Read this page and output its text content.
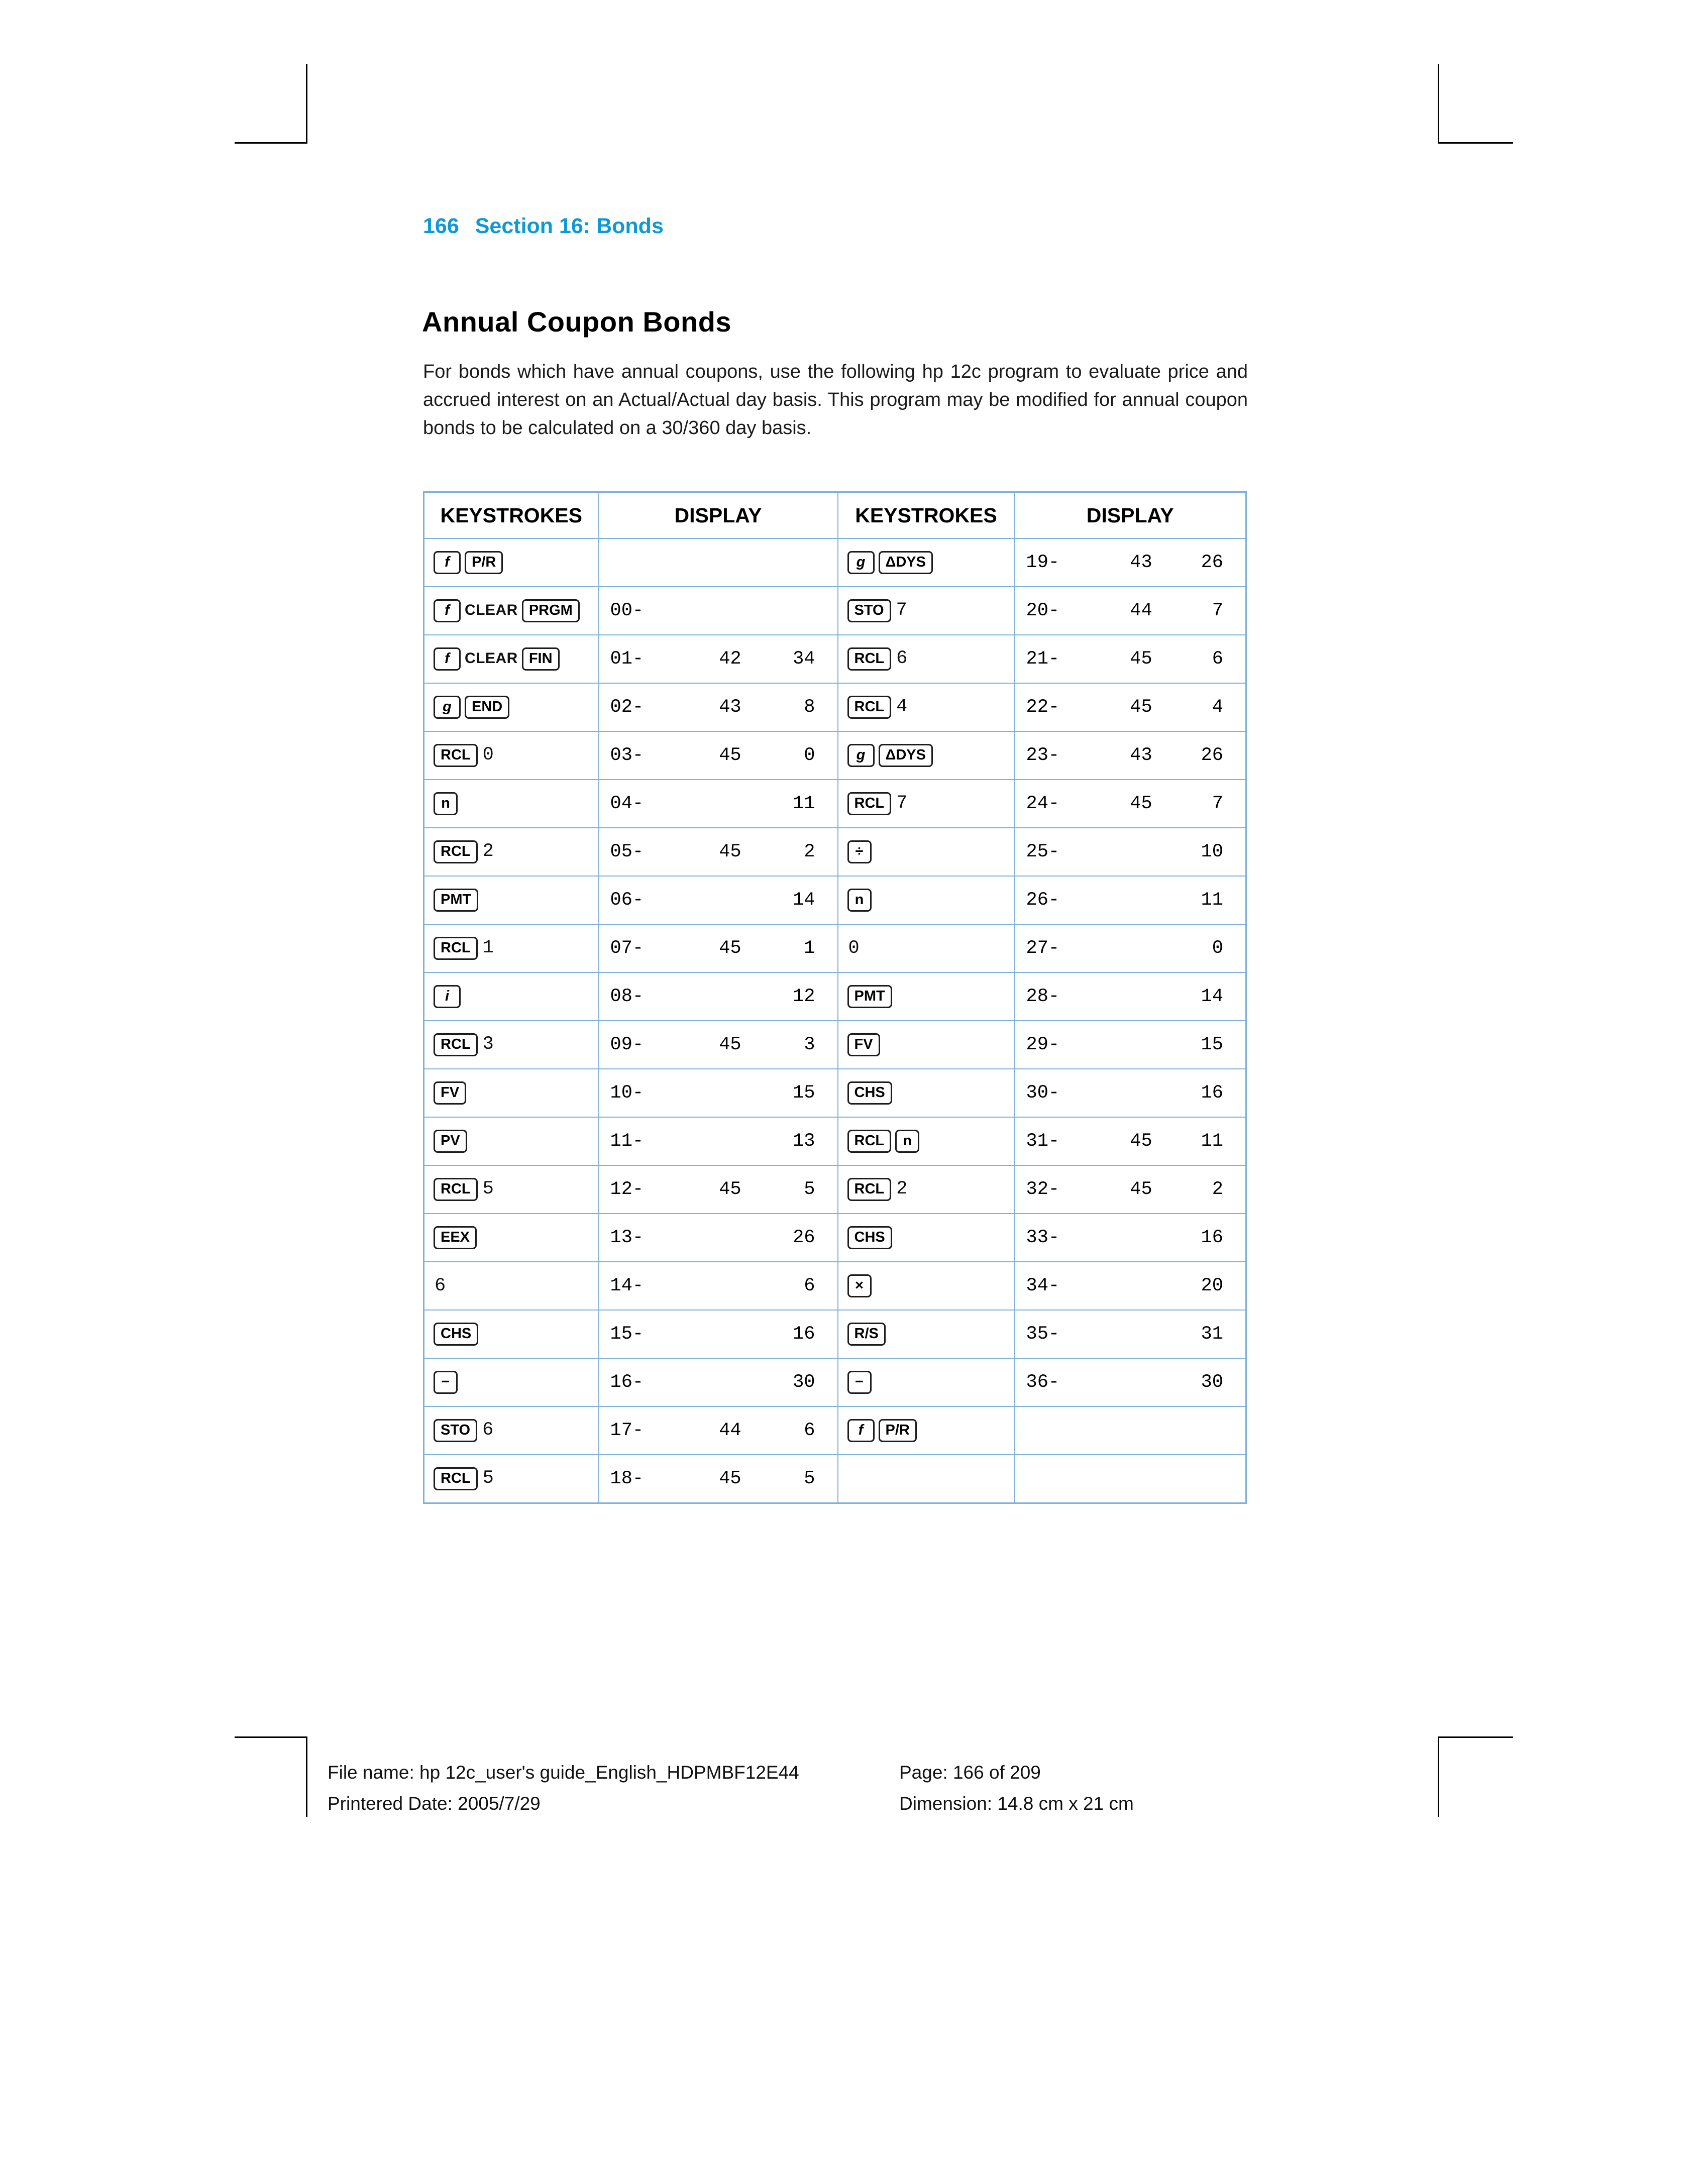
166 Section 16: Bonds
Annual Coupon Bonds

For bonds which have annual coupons, use the following hp 12c program to evaluate price and accrued interest on an Actual/Actual day basis. This program may be modified for annual coupon bonds to be calculated on a 30/360 day basis.

KEYSTROKES	DISPLAY	KEYSTROKES	DISPLAY
f P/R		g ΔDYS	19- 43 26

f CLEAR PRGM	00-	STO 7	20- 44 7

f CLEAR FIN	01- 42 34	RCL 6	21- 45 6

g END	02- 43 8	RCL 4	22- 45 4

RCL 0	03- 45 0	g ΔDYS	23- 43 26

n	04- 11	RCL 7	24- 45 7

RCL 2	05- 45 2	÷	25- 10

PMT	06- 14	n	26- 11

RCL 1	07- 45 1	0	27- 0

i	08- 12	PMT	28- 14

RCL 3	09- 45 3	FV	29- 15

FV	10- 15	CHS	30- 16

PV	11- 13	RCL n	31- 45 11

RCL 5	12- 45 5	RCL 2	32- 45 2

EEX	13- 26	CHS	33- 16

6	14- 6	×	34- 20

CHS	15- 16	R/S	35- 31

−	16- 30	−	36- 30

STO 6	17- 44 6	f P/R	

RCL 5	18- 45 5		

File name: hp 12c_user's guide_English_HDPMBF12E44
Printered Date: 2005/7/29
Page: 166 of 209
Dimension: 14.8 cm x 21 cm
